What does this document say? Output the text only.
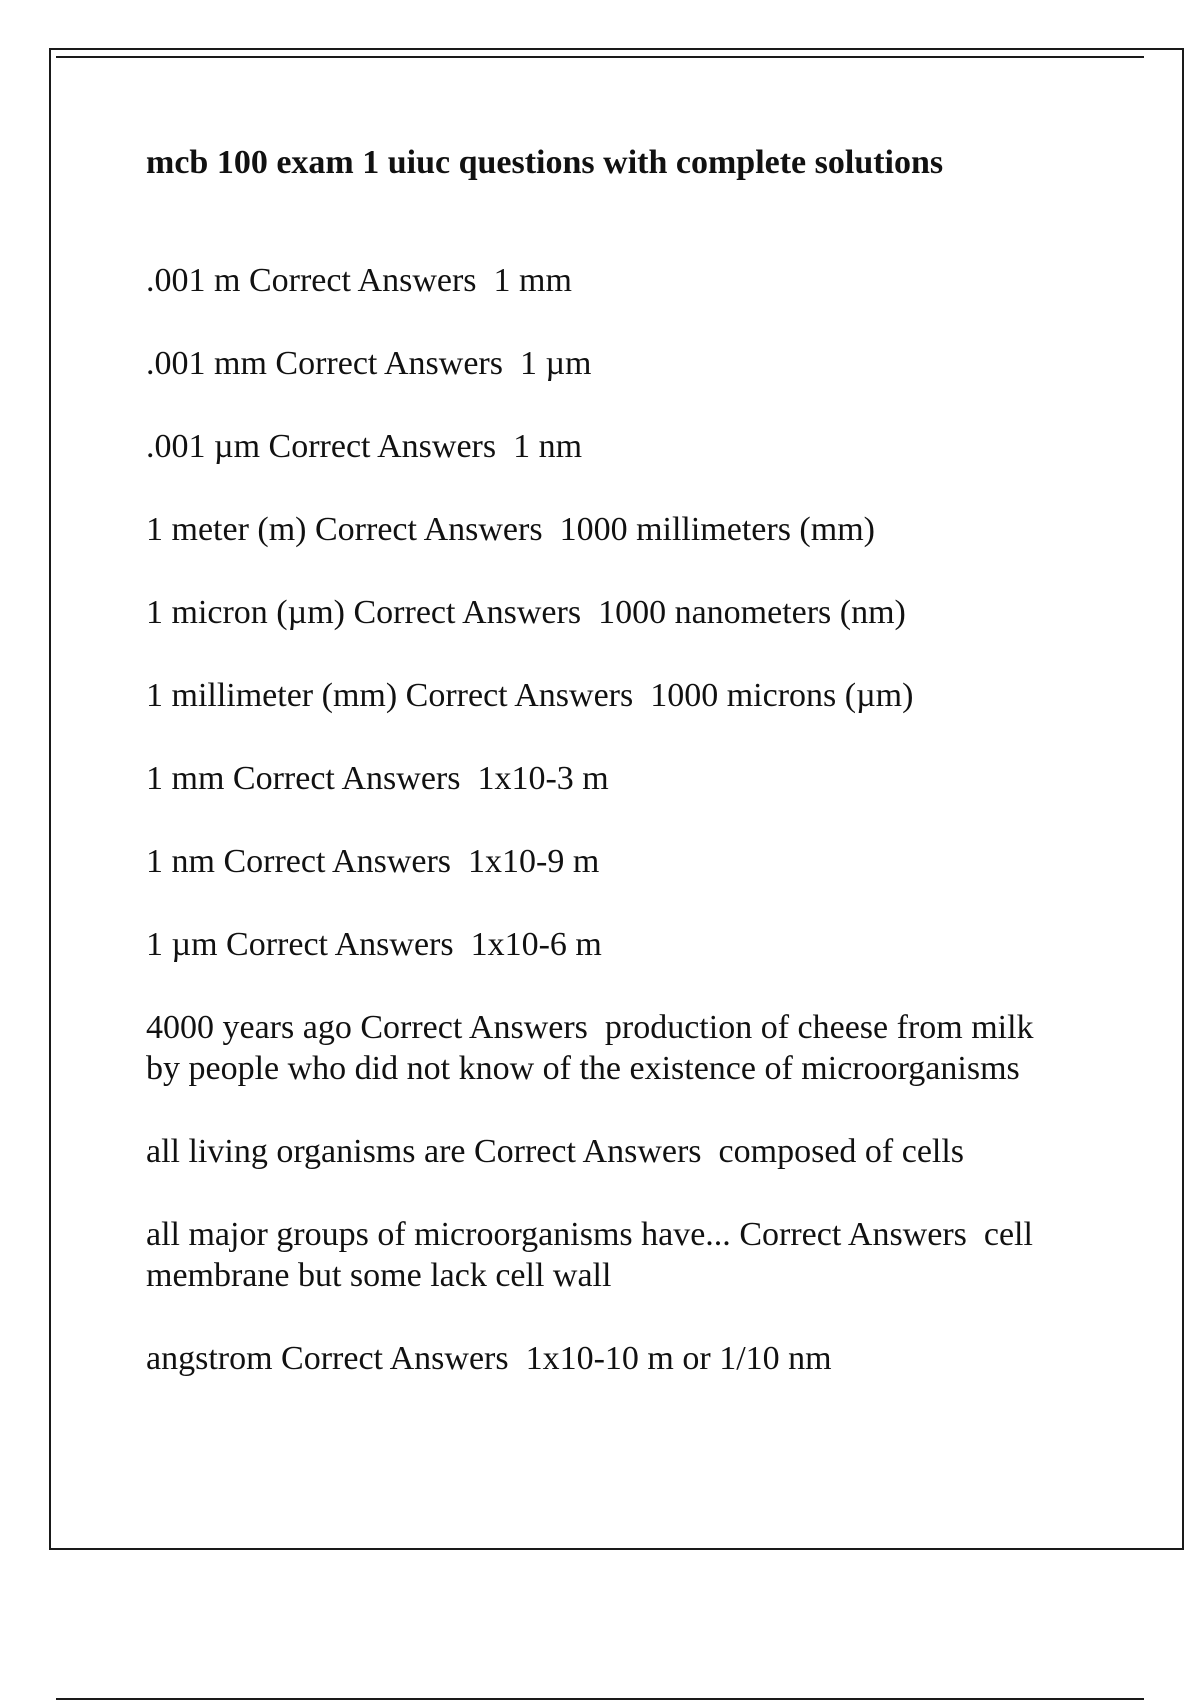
mcb 100 exam 1 uiuc questions with complete solutions
.001 m Correct Answers  1 mm
.001 mm Correct Answers  1 µm
.001 µm Correct Answers  1 nm
1 meter (m) Correct Answers  1000 millimeters (mm)
1 micron (µm) Correct Answers  1000 nanometers (nm)
1 millimeter (mm) Correct Answers  1000 microns (µm)
1 mm Correct Answers  1x10-3 m
1 nm Correct Answers  1x10-9 m
1 µm Correct Answers  1x10-6 m
4000 years ago Correct Answers  production of cheese from milk by people who did not know of the existence of microorganisms
all living organisms are Correct Answers  composed of cells
all major groups of microorganisms have... Correct Answers  cell membrane but some lack cell wall
angstrom Correct Answers  1x10-10 m or 1/10 nm
